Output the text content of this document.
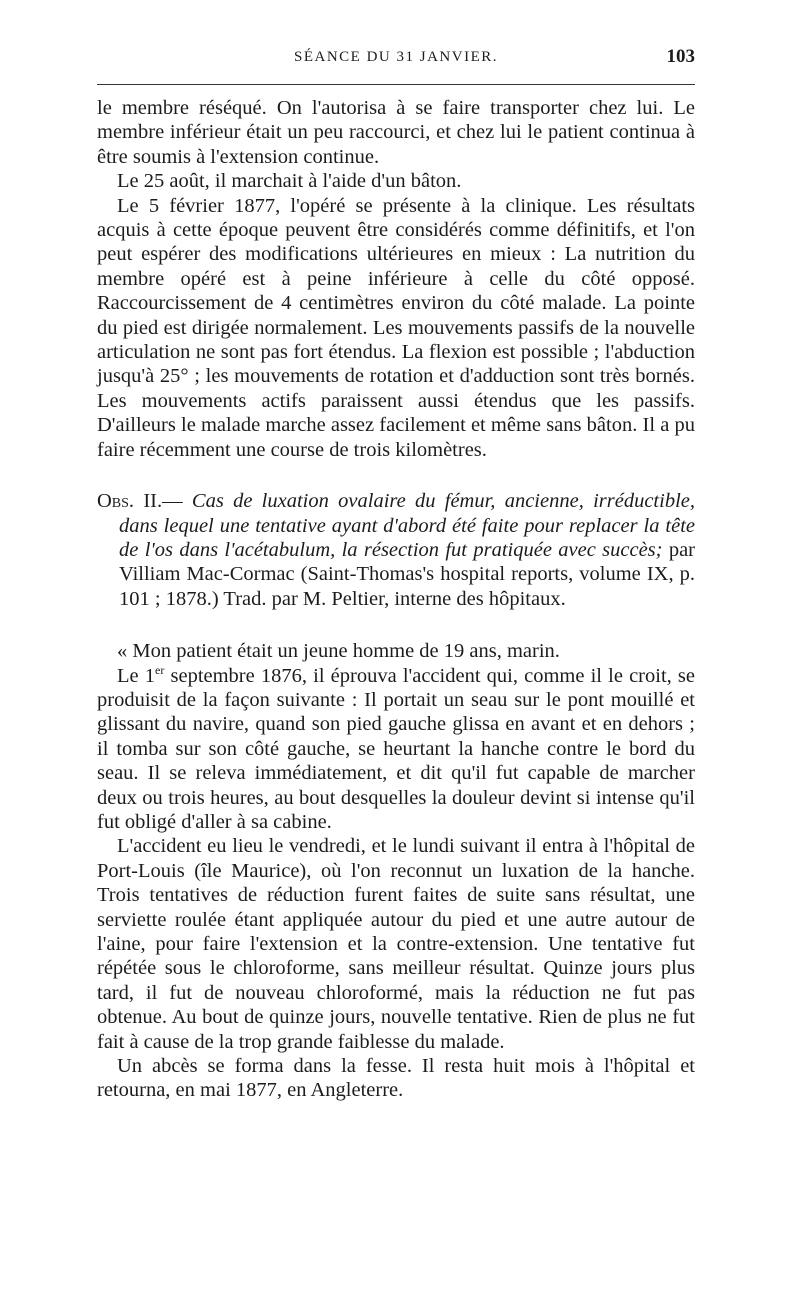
SÉANCE DU 31 JANVIER.	103

le membre réséqué. On l'autorisa à se faire transporter chez lui. Le membre inférieur était un peu raccourci, et chez lui le patient continua à être soumis à l'extension continue.

Le 25 août, il marchait à l'aide d'un bâton.

Le 5 février 1877, l'opéré se présente à la clinique. Les résultats acquis à cette époque peuvent être considérés comme définitifs, et l'on peut espérer des modifications ultérieures en mieux : La nutrition du membre opéré est à peine inférieure à celle du côté opposé. Raccourcissement de 4 centimètres environ du côté malade. La pointe du pied est dirigée normalement. Les mouvements passifs de la nouvelle articulation ne sont pas fort étendus. La flexion est possible ; l'abduction jusqu'à 25° ; les mouvements de rotation et d'adduction sont très bornés. Les mouvements actifs paraissent aussi étendus que les passifs. D'ailleurs le malade marche assez facilement et même sans bâton. Il a pu faire récemment une course de trois kilomètres.

Obs. II.— Cas de luxation ovalaire du fémur, ancienne, irréductible, dans lequel une tentative ayant d'abord été faite pour replacer la tête de l'os dans l'acétabulum, la résection fut pratiquée avec succès; par Villiam Mac-Cormac (Saint-Thomas's hospital reports, volume IX, p. 101 ; 1878.) Trad. par M. Peltier, interne des hôpitaux.

« Mon patient était un jeune homme de 19 ans, marin.

Le 1er septembre 1876, il éprouva l'accident qui, comme il le croit, se produisit de la façon suivante : Il portait un seau sur le pont mouillé et glissant du navire, quand son pied gauche glissa en avant et en dehors ; il tomba sur son côté gauche, se heurtant la hanche contre le bord du seau. Il se releva immédiatement, et dit qu'il fut capable de marcher deux ou trois heures, au bout desquelles la douleur devint si intense qu'il fut obligé d'aller à sa cabine.

L'accident eu lieu le vendredi, et le lundi suivant il entra à l'hôpital de Port-Louis (île Maurice), où l'on reconnut un luxation de la hanche. Trois tentatives de réduction furent faites de suite sans résultat, une serviette roulée étant appliquée autour du pied et une autre autour de l'aine, pour faire l'extension et la contre-extension. Une tentative fut répétée sous le chloroforme, sans meilleur résultat. Quinze jours plus tard, il fut de nouveau chloroformé, mais la réduction ne fut pas obtenue. Au bout de quinze jours, nouvelle tentative. Rien de plus ne fut fait à cause de la trop grande faiblesse du malade.

Un abcès se forma dans la fesse. Il resta huit mois à l'hôpital et retourna, en mai 1877, en Angleterre.
